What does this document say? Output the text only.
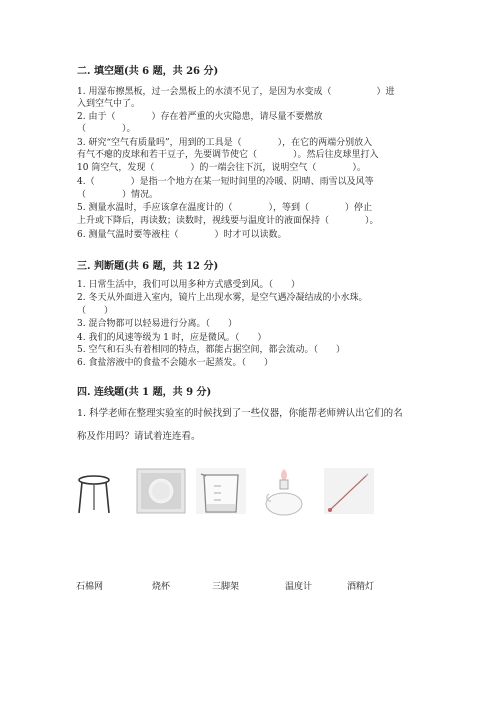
二. 填空题(共 6 题，共 26 分)
1. 用湿布擦黑板，过一会黑板上的水渍不见了，是因为水变成（　　　　　）进
入到空气中了。
2. 由于（　　　　）存在着严重的火灾隐患，请尽量不要燃放
（　　　　）。
3. 研究“空气有质量吗”，用到的工具是（　　　　），在它的两端分别放入
有气不瘪的皮球和若干豆子，先要调节使它（　　　　）。然后往皮球里打入
10 筒空气，发现（　　　　）的一端会往下沉，说明空气（　　　　）。
4.（　　　　）是指一个地方在某一短时间里的冷暖、阴晴、雨雪以及风等
（　　　　）情况。
5. 测量水温时，手应该拿在温度计的（　　　　），等到（　　　　）停止
上升或下降后，再读数；读数时，视线要与温度计的液面保持（　　　　）。
6. 测量气温时要等液柱（　　　　）时才可以读数。
三. 判断题(共 6 题，共 12 分)
1. 日常生活中，我们可以用多种方式感受到风。（　　）
2. 冬天从外面进入室内，镜片上出现水雾，是空气遇冷凝结成的小水珠。
（　　）
3. 混合物都可以轻易进行分离。（　　）
4. 我们的风速等级为 1 时，应是微风。（　　）
5. 空气和石头有着相同的特点，都能占据空间，都会流动。（　　）
6. 食盐溶液中的食盐不会随水一起蒸发。（　　）
四. 连线题(共 1 题，共 9 分)
1. 科学老师在整理实验室的时候找到了一些仪器，你能帮老师辨认出它们的名
称及作用吗？请试着连连看。
石棉网	烧杯	三脚架	温度计	酒精灯
